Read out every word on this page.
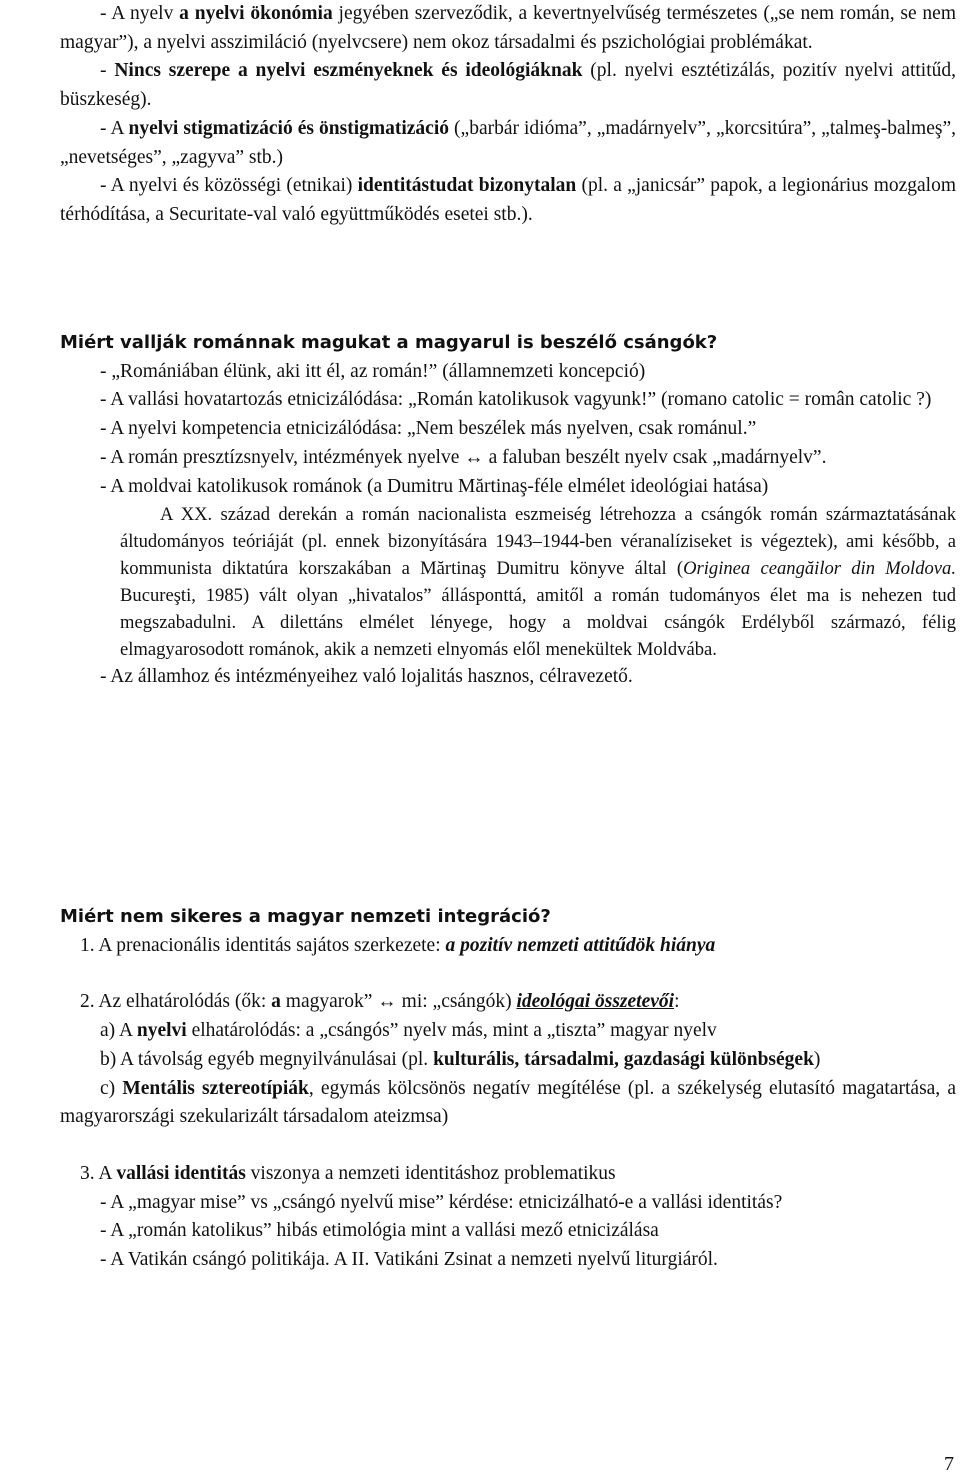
- A nyelv a nyelvi ökonómia jegyében szerveződik, a kevertnyelvűség természetes („se nem román, se nem magyar”), a nyelvi asszimiláció (nyelvcsere) nem okoz társadalmi és pszichológiai problémákat.

- Nincs szerepe a nyelvi eszményeknek és ideológiáknak (pl. nyelvi esztétizálás, pozitív nyelvi attitűd, büszkeség).

- A nyelvi stigmatizáció és önstigmatizáció („barbár idióma”, „madárnyelv”, „korcsitúra”, „talmeş-balmeş”, „nevetséges”, „zagyva” stb.)

- A nyelvi és közösségi (etnikai) identitástudat bizonytalan (pl. a „janicsár” papok, a legionárius mozgalom térhódítása, a Securitate-val való együttműködés esetei stb.).

Miért vallják románnak magukat a magyarul is beszélő csángók?

- „Romániában élünk, aki itt él, az román!” (államnemzeti koncepció)

- A vallási hovatartozás etnicizálódása: „Román katolikusok vagyunk!” (romano catolic = român catolic ?)

- A nyelvi kompetencia etnicizálódása: „Nem beszélek más nyelven, csak románul.”

- A román presztízsnyelv, intézmények nyelve ↔ a faluban beszélt nyelv csak „madárnyelv”.

- A moldvai katolikusok románok (a Dumitru Mărtinaş-féle elmélet ideológiai hatása)

A XX. század derekán a román nacionalista eszmeiség létrehozza a csángók román származtatásának áltudományos teóriáját (pl. ennek bizonyítására 1943–1944-ben véranalíziseket is végeztek), ami később, a kommunista diktatúra korszakában a Mărtinaş Dumitru könyve által (Originea ceangăilor din Moldova. Bucureşti, 1985) vált olyan „hivatalos” állásponttá, amitől a román tudományos élet ma is nehezen tud megszabadulni. A dilettáns elmélet lényege, hogy a moldvai csángók Erdélyből származó, félig elmagyarosodott románok, akik a nemzeti elnyomás elől menekültek Moldvába.

- Az államhoz és intézményeihez való lojalitás hasznos, célravezető.

Miért nem sikeres a magyar nemzeti integráció?

1. A prenacionális identitás sajátos szerkezete: a pozitív nemzeti attitűdök hiánya

2. Az elhatárolódás (ők: a magyarok” ↔ mi: „csángók) ideológai összetevői:

a) A nyelvi elhatárolódás: a „csángós” nyelv más, mint a „tiszta” magyar nyelv

b) A távolság egyéb megnyilvánulásai (pl. kulturális, társadalmi, gazdasági különbségek)

c) Mentális sztereotípiák, egymás kölcsönös negatív megítélése (pl. a székelység elutasító magatartása, a magyarországi szekularizált társadalom ateizmsa)

3. A vallási identitás viszonya a nemzeti identitáshoz problematikus

- A „magyar mise” vs „csángó nyelvű mise” kérdése: etnicizálható-e a vallási identitás?

- A „román katolikus” hibás etimológia mint a vallási mező etnicizálása

- A Vatikán csángó politikája. A II. Vatikáni Zsinat a nemzeti nyelvű liturgiáról.

7
